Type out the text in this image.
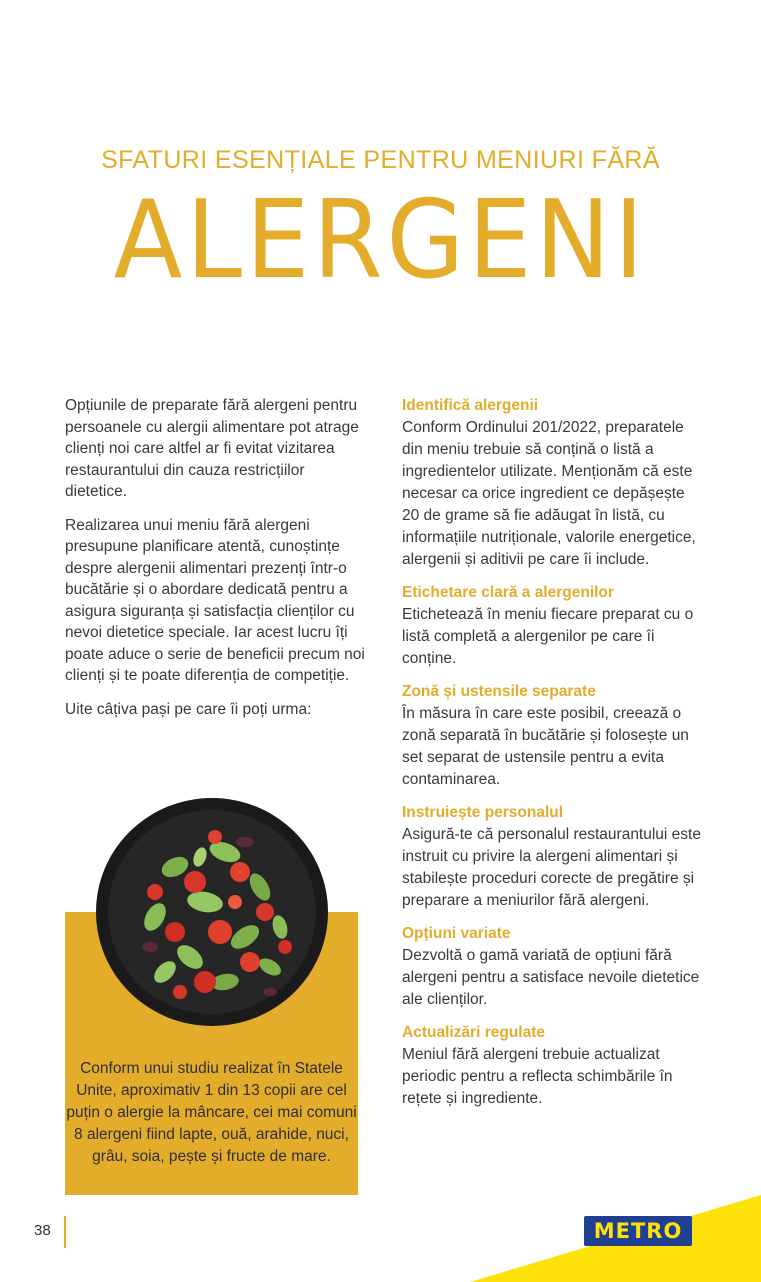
SFATURI ESENȚIALE PENTRU MENIURI FĂRĂ
ALERGENI

Opțiunile de preparate fără alergeni pentru persoanele cu alergii alimentare pot atrage clienți noi care altfel ar fi evitat vizitarea restaurantului din cauza restricțiilor dietetice.

Realizarea unui meniu fără alergeni presupune planificare atentă, cunoștințe despre alergenii alimentari prezenți într-o bucătărie și o abordare dedicată pentru a asigura siguranța și satisfacția clienților cu nevoi dietetice speciale. Iar acest lucru îți poate aduce o serie de beneficii precum noi clienți și te poate diferenția de competiție.

Uite câțiva pași pe care îi poți urma:

Conform unui studiu realizat în Statele Unite, aproximativ 1 din 13 copii are cel puțin o alergie la mâncare, cei mai comuni 8 alergeni fiind lapte, ouă, arahide, nuci, grâu, soia, pește și fructe de mare.
Identifică alergenii
Conform Ordinului 201/2022, preparatele din meniu trebuie să conțină o listă a ingredientelor utilizate. Menționăm că este necesar ca orice ingredient ce depășește 20 de grame să fie adăugat în listă, cu informațiile nutriționale, valorile energetice, alergenii și aditivii pe care îi include.
Etichetare clară a alergenilor
Etichetează în meniu fiecare preparat cu o listă completă a alergenilor pe care îi conține.
Zonă și ustensile separate
În măsura în care este posibil, creează o zonă separată în bucătărie și folosește un set separat de ustensile pentru a evita contaminarea.
Instruiește personalul
Asigură-te că personalul restaurantului este instruit cu privire la alergeni alimentari și stabilește proceduri corecte de pregătire și preparare a meniurilor fără alergeni.
Opțiuni variate
Dezvoltă o gamă variată de opțiuni fără alergeni pentru a satisface nevoile dietetice ale clienților.
Actualizări regulate
Meniul fără alergeni trebuie actualizat periodic pentru a reflecta schimbările în rețete și ingrediente.
38	METRO
